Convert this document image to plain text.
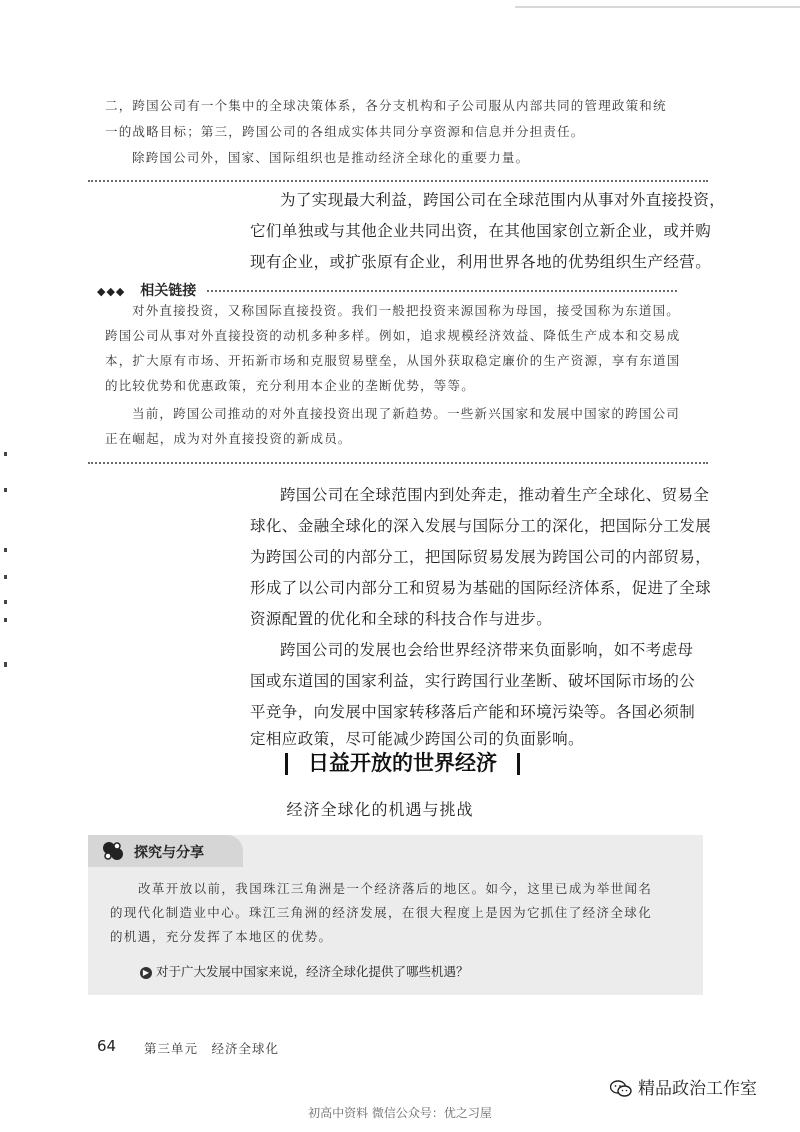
二，跨国公司有一个集中的全球决策体系，各分支机构和子公司服从内部共同的管理政策和统
一的战略目标；第三，跨国公司的各组成实体共同分享资源和信息并分担责任。
除跨国公司外，国家、国际组织也是推动经济全球化的重要力量。
为了实现最大利益，跨国公司在全球范围内从事对外直接投资，
它们单独或与其他企业共同出资，在其他国家创立新企业，或并购
现有企业，或扩张原有企业，利用世界各地的优势组织生产经营。
◆◆◆ 相关链接
对外直接投资，又称国际直接投资。我们一般把投资来源国称为母国，接受国称为东道国。
跨国公司从事对外直接投资的动机多种多样。例如，追求规模经济效益、降低生产成本和交易成
本，扩大原有市场、开拓新市场和克服贸易壁垒，从国外获取稳定廉价的生产资源，享有东道国
的比较优势和优惠政策，充分利用本企业的垄断优势，等等。
当前，跨国公司推动的对外直接投资出现了新趋势。一些新兴国家和发展中国家的跨国公司
正在崛起，成为对外直接投资的新成员。
跨国公司在全球范围内到处奔走，推动着生产全球化、贸易全
球化、金融全球化的深入发展与国际分工的深化，把国际分工发展
为跨国公司的内部分工，把国际贸易发展为跨国公司的内部贸易，
形成了以公司内部分工和贸易为基础的国际经济体系，促进了全球
资源配置的优化和全球的科技合作与进步。
跨国公司的发展也会给世界经济带来负面影响，如不考虑母
国或东道国的国家利益，实行跨国行业垄断、破坏国际市场的公
平竞争，向发展中国家转移落后产能和环境污染等。各国必须制
定相应政策，尽可能减少跨国公司的负面影响。
日益开放的世界经济
经济全球化的机遇与挑战
探究与分享
改革开放以前，我国珠江三角洲是一个经济落后的地区。如今，这里已成为举世闻名
的现代化制造业中心。珠江三角洲的经济发展，在很大程度上是因为它抓住了经济全球化
的机遇，充分发挥了本地区的优势。
▶ 对于广大发展中国家来说，经济全球化提供了哪些机遇？
64 第三单元　经济全球化
精品政治工作室
初高中资料 微信公众号：优之习屋
